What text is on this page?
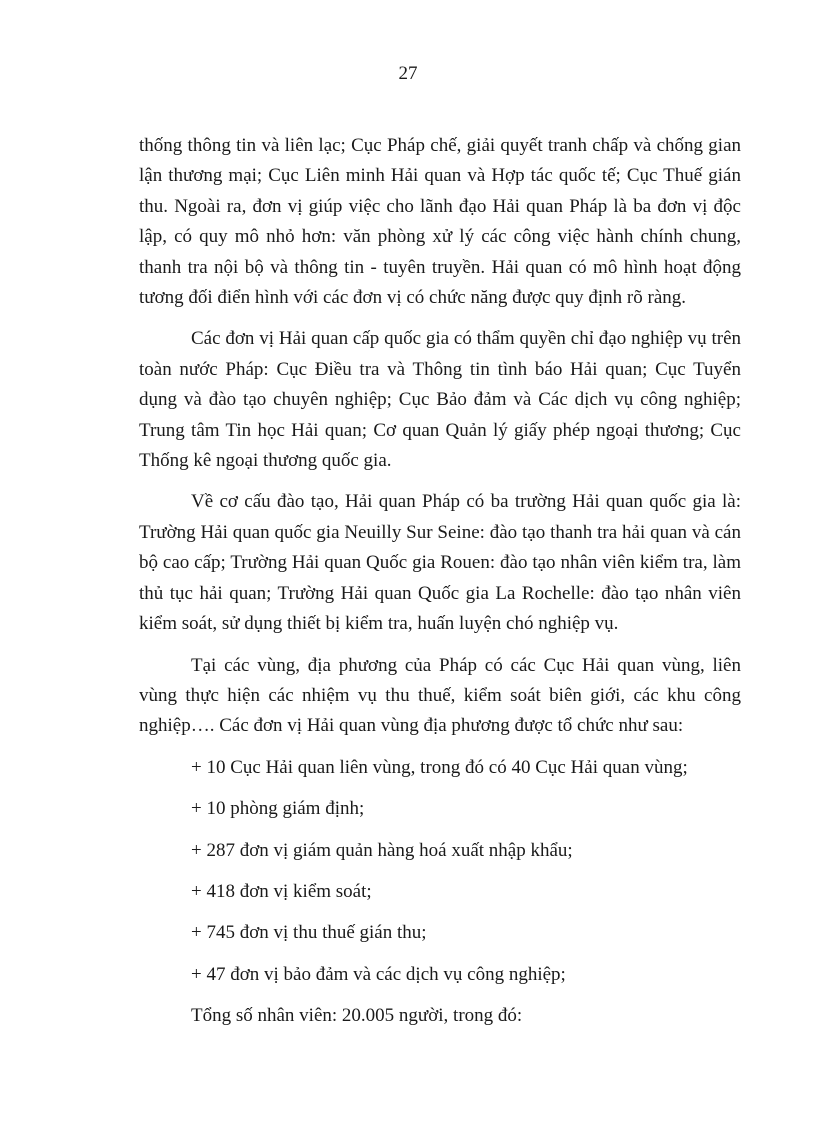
27

thống thông tin và liên lạc; Cục Pháp chế, giải quyết tranh chấp và chống gian lận thương mại; Cục Liên minh Hải quan và Hợp tác quốc tế; Cục Thuế gián thu. Ngoài ra, đơn vị giúp việc cho lãnh đạo Hải quan Pháp là ba đơn vị độc lập, có quy mô nhỏ hơn: văn phòng xử lý các công việc hành chính chung, thanh tra nội bộ và thông tin - tuyên truyền. Hải quan có mô hình hoạt động tương đối điển hình với các đơn vị có chức năng được quy định rõ ràng.

Các đơn vị Hải quan cấp quốc gia có thẩm quyền chỉ đạo nghiệp vụ trên toàn nước Pháp: Cục Điều tra và Thông tin tình báo Hải quan; Cục Tuyển dụng và đào tạo chuyên nghiệp; Cục Bảo đảm và Các dịch vụ công nghiệp; Trung tâm Tin học Hải quan; Cơ quan Quản lý giấy phép ngoại thương; Cục Thống kê ngoại thương quốc gia.

Về cơ cấu đào tạo, Hải quan Pháp có ba trường Hải quan quốc gia là: Trường Hải quan quốc gia Neuilly Sur Seine: đào tạo thanh tra hải quan và cán bộ cao cấp; Trường Hải quan Quốc gia Rouen: đào tạo nhân viên kiểm tra, làm thủ tục hải quan; Trường Hải quan Quốc gia La Rochelle: đào tạo nhân viên kiểm soát, sử dụng thiết bị kiểm tra, huấn luyện chó nghiệp vụ.

Tại các vùng, địa phương của Pháp có các Cục Hải quan vùng, liên vùng thực hiện các nhiệm vụ thu thuế, kiểm soát biên giới, các khu công nghiệp…. Các đơn vị Hải quan vùng địa phương được tổ chức như sau:

+ 10 Cục Hải quan liên vùng, trong đó có 40 Cục Hải quan vùng;

+ 10 phòng giám định;

+ 287 đơn vị giám quản hàng hoá xuất nhập khẩu;

+ 418 đơn vị kiểm soát;

+ 745 đơn vị thu thuế gián thu;

+ 47 đơn vị bảo đảm và các dịch vụ công nghiệp;

Tổng số nhân viên: 20.005 người, trong đó:
